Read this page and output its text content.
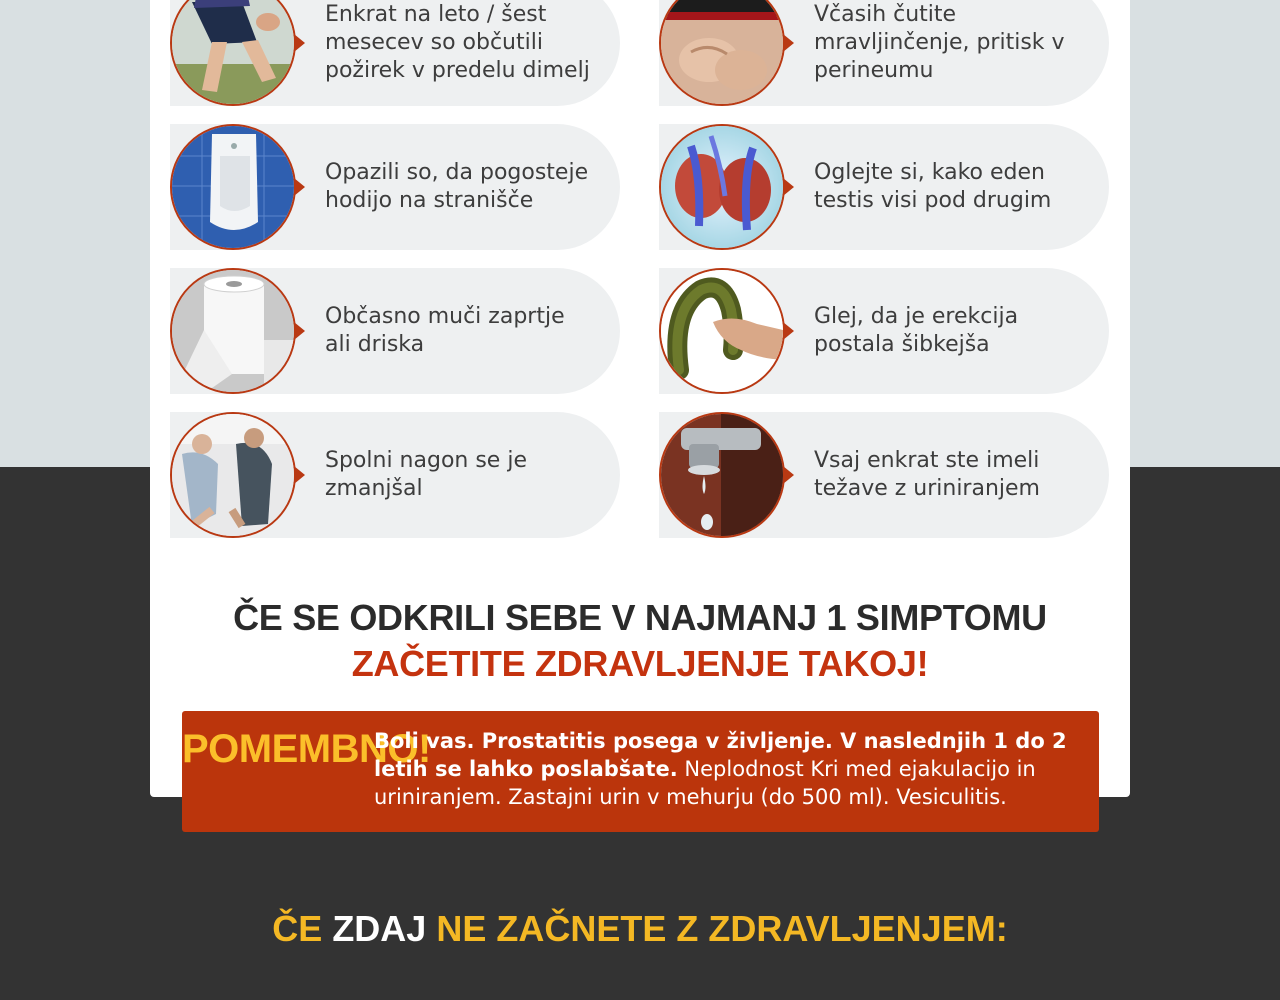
Enkrat na leto / šest
mesecev so občutili
požirek v predelu dimelj
Včasih čutite
mravljinčenje, pritisk v
perineumu
Opazili so, da pogosteje
hodijo na stranišče
Oglejte si, kako eden
testis visi pod drugim
Občasno muči zaprtje
ali driska
Glej, da je erekcija
postala šibkejša
Spolni nagon se je
zmanjšal
Vsaj enkrat ste imeli
težave z uriniranjem
ČE SE ODKRILI SEBE V NAJMANJ 1 SIMPTOMU ZAČETITE ZDRAVLJENJE TAKOJ!
POMEMBNO!
Boli vas. Prostatitis posega v življenje. V naslednjih 1 do 2 letih se lahko poslabšate. Neplodnost Kri med ejakulacijo in uriniranjem. Zastajni urin v mehurju (do 500 ml). Vesiculitis.
ČE ZDAJ NE ZAČNETE Z ZDRAVLJENJEM:
